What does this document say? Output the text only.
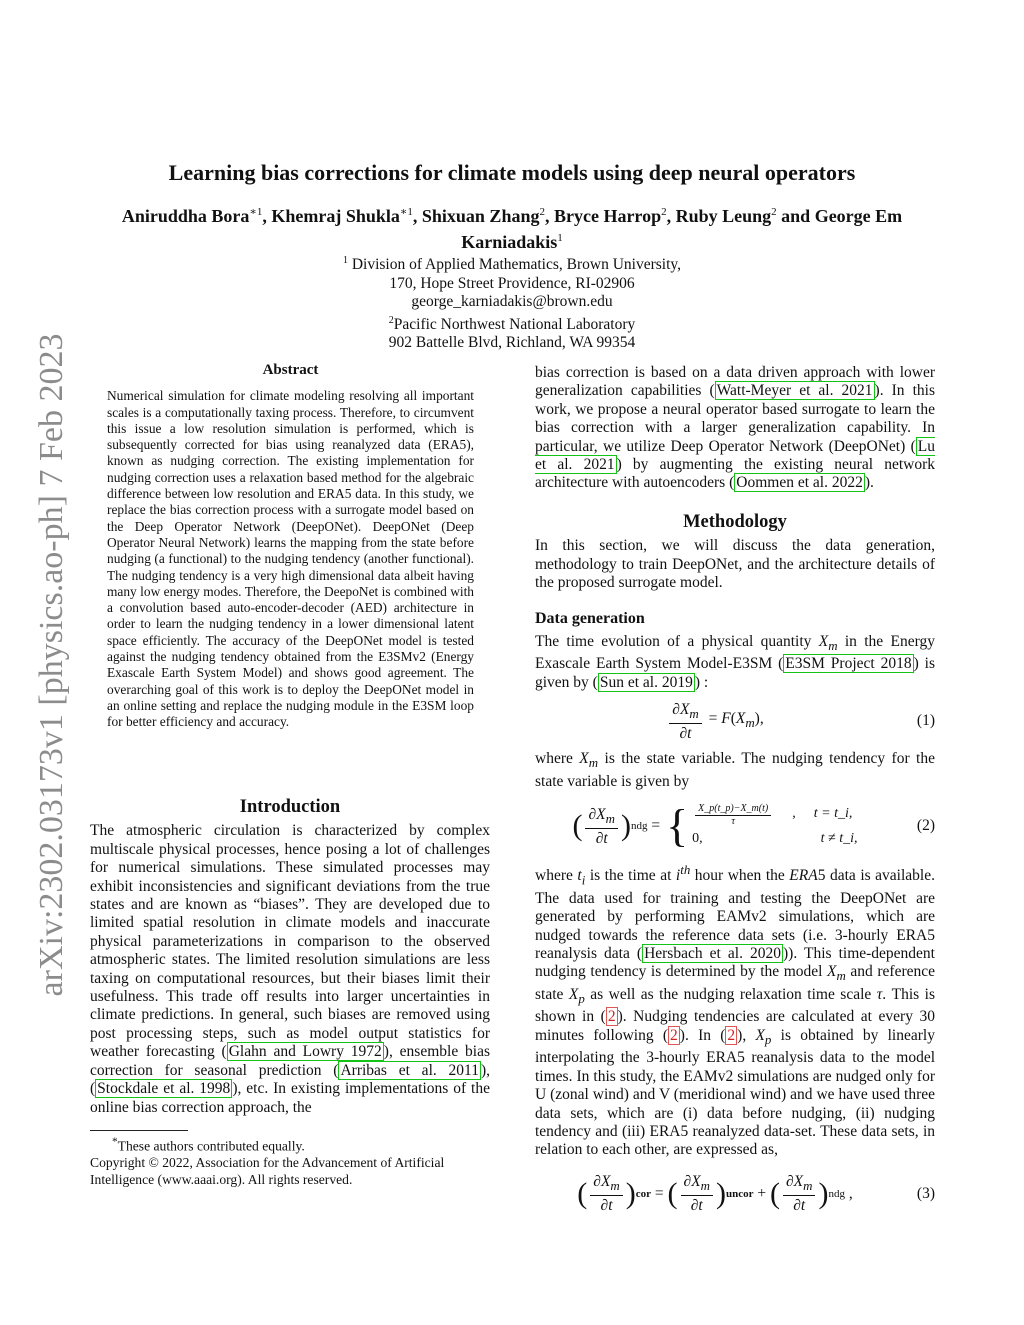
arXiv:2302.03173v1 [physics.ao-ph] 7 Feb 2023
Learning bias corrections for climate models using deep neural operators
Aniruddha Bora$^{∗1}$, Khemraj Shukla$^{∗1}$, Shixuan Zhang$^2$, Bryce Harrop$^2$, Ruby Leung$^2$ and George Em Karniadakis$^1$

$^1$ Division of Applied Mathematics, Brown University,

170, Hope Street Providence, RI-02906

george_karniadakis@brown.edu

$^2$Pacific Northwest National Laboratory

902 Battelle Blvd, Richland, WA 99354

Abstract

Numerical simulation for climate modeling resolving all important scales is a computationally taxing process. Therefore, to circumvent this issue a low resolution simulation is performed, which is subsequently corrected for bias using reanalyzed data (ERA5), known as nudging correction. The existing implementation for nudging correction uses a relaxation based method for the algebraic difference between low resolution and ERA5 data. In this study, we replace the bias correction process with a surrogate model based on the Deep Operator Network (DeepONet). DeepONet (Deep Operator Neural Network) learns the mapping from the state before nudging (a functional) to the nudging tendency (another functional). The nudging tendency is a very high dimensional data albeit having many low energy modes. Therefore, the DeepoNet is combined with a convolution based auto-encoder-decoder (AED) architecture in order to learn the nudging tendency in a lower dimensional latent space efficiently. The accuracy of the DeepONet model is tested against the nudging tendency obtained from the E3SMv2 (Energy Exascale Earth System Model) and shows good agreement. The overarching goal of this work is to deploy the DeepONet model in an online setting and replace the nudging module in the E3SM loop for better efficiency and accuracy.

Introduction

The atmospheric circulation is characterized by complex multiscale physical processes, hence posing a lot of challenges for numerical simulations. These simulated processes may exhibit inconsistencies and significant deviations from the true states and are known as “biases”. They are developed due to limited spatial resolution in climate models and inaccurate physical parameterizations in comparison to the observed atmospheric states. The limited resolution simulations are less taxing on computational resources, but their biases limit their usefulness. This trade off results into larger uncertainties in climate predictions. In general, such biases are removed using post processing steps, such as model output statistics for weather forecasting ( Glahn and Lowry 1972 ), ensemble bias correction for seasonal prediction ( Arribas et al. 2011 ), ( Stockdale et al. 1998 ), etc. In existing implementations of the online bias correction approach, the

*These authors contributed equally.

Copyright © 2022, Association for the Advancement of Artificial Intelligence (www.aaai.org). All rights reserved.

bias correction is based on a data driven approach with lower generalization capabilities ( Watt-Meyer et al. 2021 ). In this work, we propose a neural operator based surrogate to learn the bias correction with a larger generalization capability. In particular, we utilize Deep Operator Network (DeepONet) ( Lu et al. 2021 ) by augmenting the existing neural network architecture with autoencoders ( Oommen et al. 2022 ).

Methodology

In this section, we will discuss the data generation, methodology to train DeepONet, and the architecture details of the proposed surrogate model.

Data generation

The time evolution of a physical quantity $X_m$ in the Energy Exascale Earth System Model-E3SM ( E3SM Project 2018 ) is given by ( Sun et al. 2019 ) :

$\frac{\partial X_m}{\partial t} = F(X_m)$,	(1)

where $X_m$ is the state variable. The nudging tendency for the state variable is given by

( $\frac{\partial X_m}{\partial t}$ ) ndg = { $\frac{X\_p(t\_p)-X\_m(t)}{\tau}$ , t = t_i,
0,	t ≠ t_i,
(2)

where $t_i$ is the time at $i^{th}$ hour when the ERA5 data is available. The data used for training and testing the DeepONet are generated by performing EAMv2 simulations, which are nudged towards the reference data sets (i.e. 3-hourly ERA5 reanalysis data ( Hersbach et al. 2020 )). This time-dependent nudging tendency is determined by the model $X_m$ and reference state $X_p$ as well as the nudging relaxation time scale τ. This is shown in ( 2 ). Nudging tendencies are calculated at every 30 minutes following ( 2 ). In ( 2 ), $X_p$ is obtained by linearly interpolating the 3-hourly ERA5 reanalysis data to the model times. In this study, the EAMv2 simulations are nudged only for U (zonal wind) and V (meridional wind) and we have used three data sets, which are (i) data before nudging, (ii) nudging tendency and (iii) ERA5 reanalyzed data-set. These data sets, in relation to each other, are expressed as,

( $\frac{\partial X_m}{\partial t}$ ) cor = ( $\frac{\partial X_m}{\partial t}$ ) uncor + ( $\frac{\partial X_m}{\partial t}$ ) ndg ,	(3)
